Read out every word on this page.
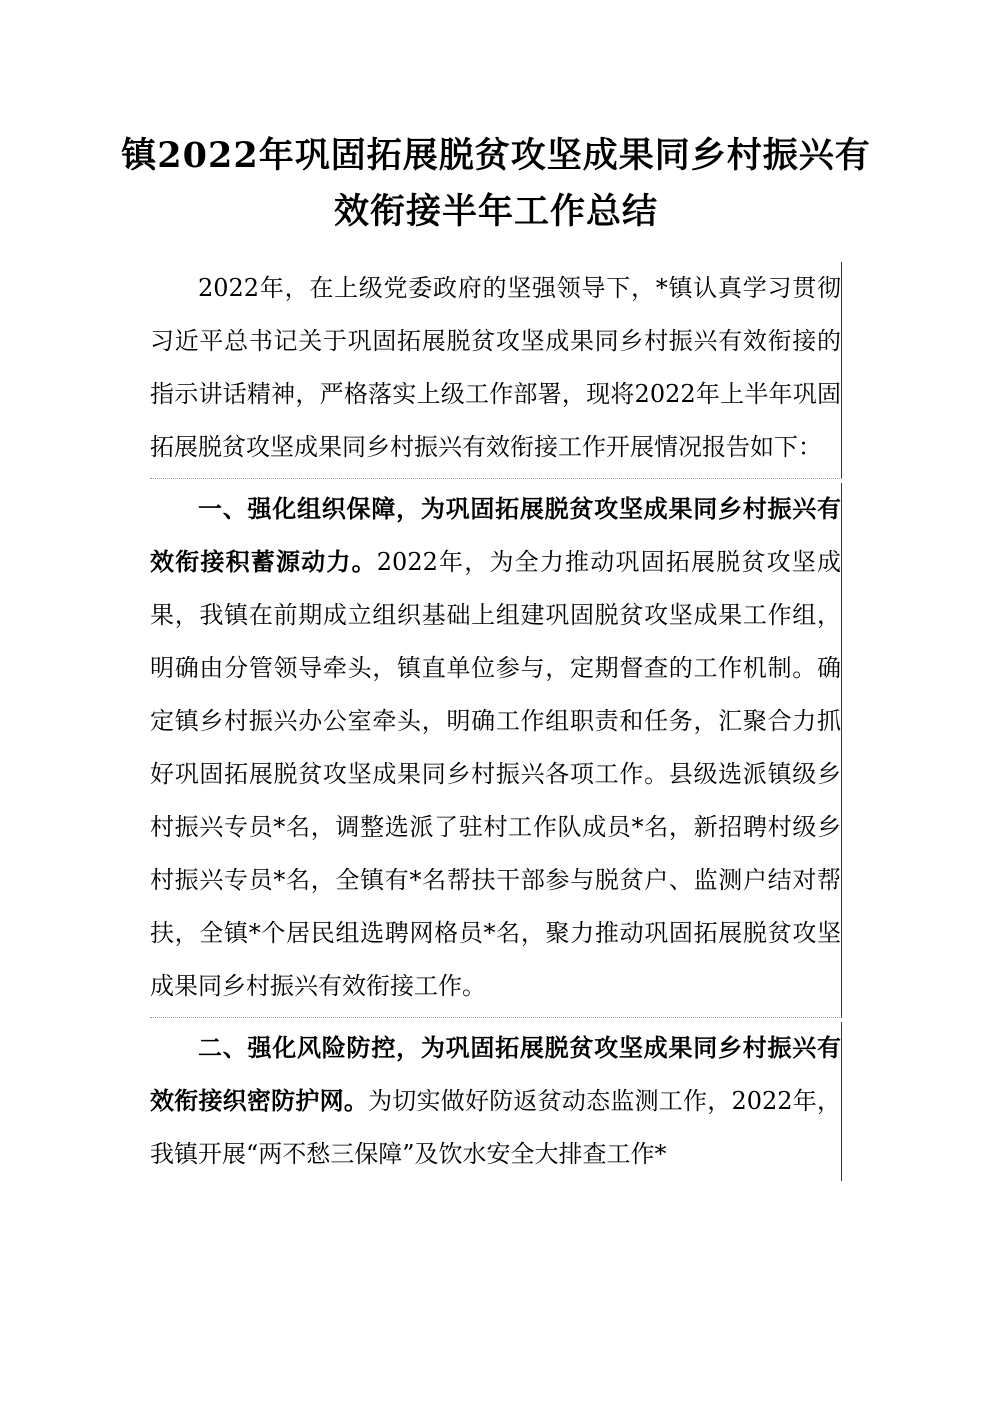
镇2022年巩固拓展脱贫攻坚成果同乡村振兴有效衔接半年工作总结

2022年，在上级党委政府的坚强领导下，*镇认真学习贯彻习近平总书记关于巩固拓展脱贫攻坚成果同乡村振兴有效衔接的指示讲话精神，严格落实上级工作部署，现将2022年上半年巩固拓展脱贫攻坚成果同乡村振兴有效衔接工作开展情况报告如下：

一、强化组织保障，为巩固拓展脱贫攻坚成果同乡村振兴有效衔接积蓄源动力。2022年，为全力推动巩固拓展脱贫攻坚成果，我镇在前期成立组织基础上组建巩固脱贫攻坚成果工作组，明确由分管领导牵头，镇直单位参与，定期督查的工作机制。确定镇乡村振兴办公室牵头，明确工作组职责和任务，汇聚合力抓好巩固拓展脱贫攻坚成果同乡村振兴各项工作。县级选派镇级乡村振兴专员*名，调整选派了驻村工作队成员*名，新招聘村级乡村振兴专员*名，全镇有*名帮扶干部参与脱贫户、监测户结对帮扶，全镇*个居民组选聘网格员*名，聚力推动巩固拓展脱贫攻坚成果同乡村振兴有效衔接工作。

二、强化风险防控，为巩固拓展脱贫攻坚成果同乡村振兴有效衔接织密防护网。为切实做好防返贫动态监测工作，2022年，我镇开展“两不愁三保障”及饮水安全大排查工作*
